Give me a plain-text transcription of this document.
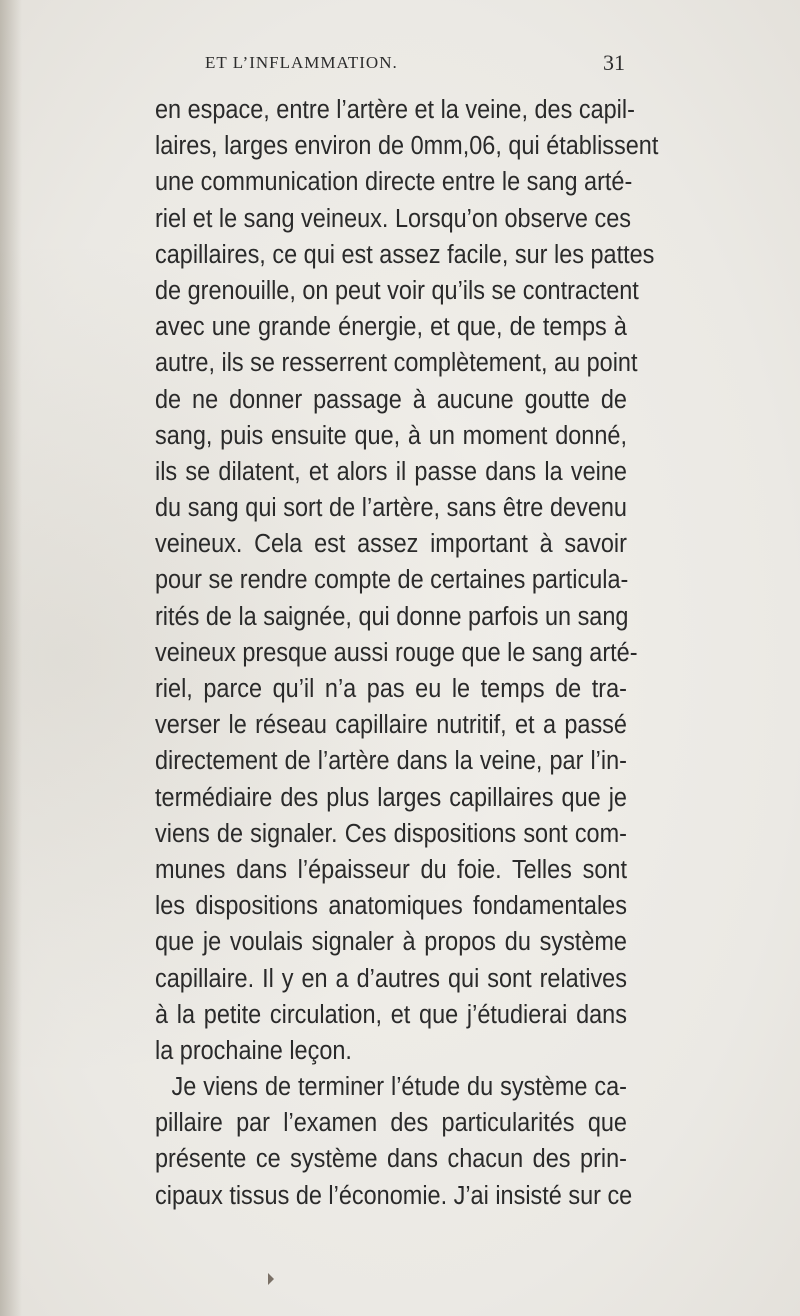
ET L’INFLAMMATION.	31
en espace, entre l’artère et la veine, des capil-
laires, larges environ de 0mm,06, qui établissent
une communication directe entre le sang arté-
riel et le sang veineux. Lorsqu’on observe ces
capillaires, ce qui est assez facile, sur les pattes
de grenouille, on peut voir qu’ils se contractent
avec une grande énergie, et que, de temps à
autre, ils se resserrent complètement, au point
de ne donner passage à aucune goutte de
sang, puis ensuite que, à un moment donné,
ils se dilatent, et alors il passe dans la veine
du sang qui sort de l’artère, sans être devenu
veineux. Cela est assez important à savoir
pour se rendre compte de certaines particula-
rités de la saignée, qui donne parfois un sang
veineux presque aussi rouge que le sang arté-
riel, parce qu’il n’a pas eu le temps de tra-
verser le réseau capillaire nutritif, et a passé
directement de l’artère dans la veine, par l’in-
termédiaire des plus larges capillaires que je
viens de signaler. Ces dispositions sont com-
munes dans l’épaisseur du foie. Telles sont
les dispositions anatomiques fondamentales
que je voulais signaler à propos du système
capillaire. Il y en a d’autres qui sont relatives
à la petite circulation, et que j’étudierai dans
la prochaine leçon.
Je viens de terminer l’étude du système ca-
pillaire par l’examen des particularités que
présente ce système dans chacun des prin-
cipaux tissus de l’économie. J’ai insisté sur ce
